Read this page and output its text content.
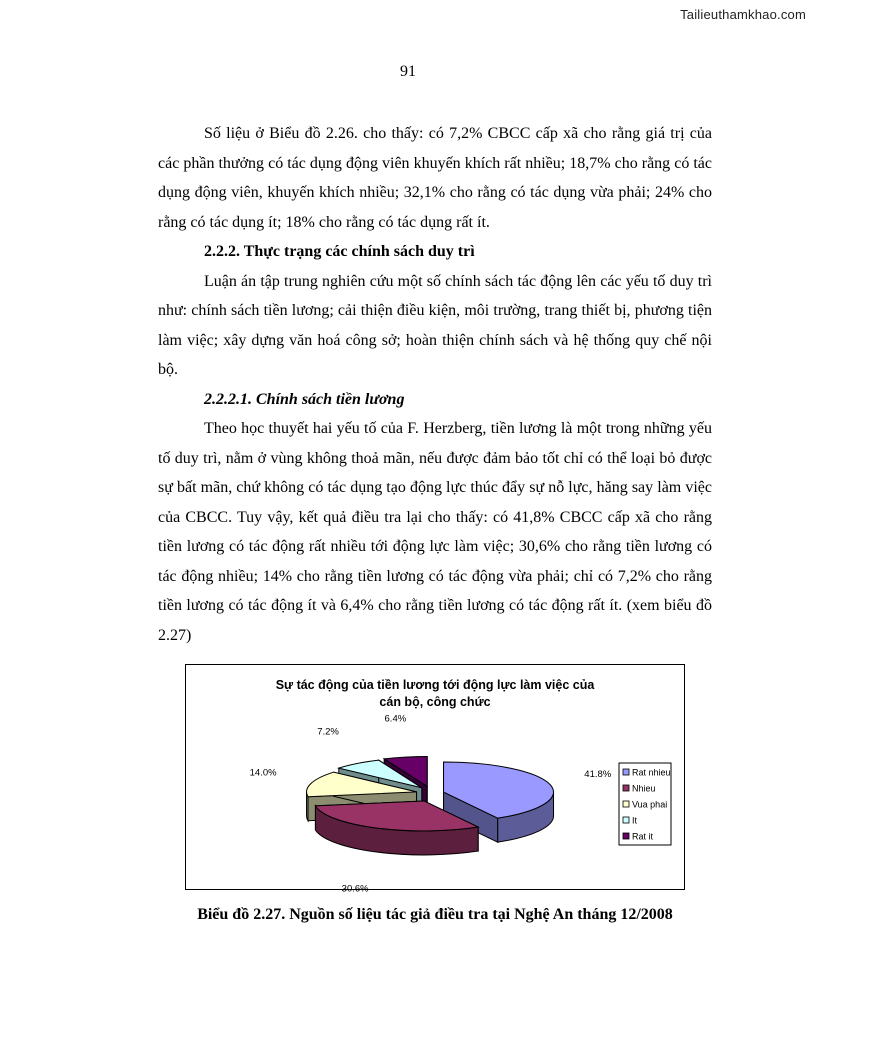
Tailieuthamkhao.com
91

Số liệu ở Biểu đồ 2.26. cho thấy: có 7,2% CBCC cấp xã cho rằng giá trị của các phần thưởng có tác dụng động viên khuyến khích rất nhiều; 18,7% cho rằng có tác dụng động viên, khuyến khích nhiều; 32,1% cho rằng có tác dụng vừa phải; 24% cho rằng có tác dụng ít; 18% cho rằng có tác dụng rất ít.

2.2.2. Thực trạng các chính sách duy trì

Luận án tập trung nghiên cứu một số chính sách tác động lên các yếu tố duy trì như: chính sách tiền lương; cải thiện điều kiện, môi trường, trang thiết bị, phương tiện làm việc; xây dựng văn hoá công sở; hoàn thiện chính sách và hệ thống quy chế nội bộ.

2.2.2.1. Chính sách tiền lương

Theo học thuyết hai yếu tố của F. Herzberg, tiền lương là một trong những yếu tố duy trì, nằm ở vùng không thoả mãn, nếu được đảm bảo tốt chỉ có thể loại bỏ được sự bất mãn, chứ không có tác dụng tạo động lực thúc đẩy sự nỗ lực, hăng say làm việc của CBCC. Tuy vậy, kết quả điều tra lại cho thấy: có 41,8% CBCC cấp xã cho rằng tiền lương có tác động rất nhiều tới động lực làm việc; 30,6% cho rằng tiền lương có tác động nhiều; 14% cho rằng tiền lương có tác động vừa phải; chỉ có 7,2% cho rằng tiền lương có tác động ít và 6,4% cho rằng tiền lương có tác động rất ít. (xem biểu đồ 2.27)

Sự tác động của tiền lương tới động lực làm việc của
cán bộ, công chức
41.8%
30.6%
14.0%
7.2%
6.4%
Rat nhieu
Nhieu
Vua phai
It
Rat it
Biểu đồ 2.27. Nguồn số liệu tác giả điều tra tại Nghệ An tháng 12/2008
